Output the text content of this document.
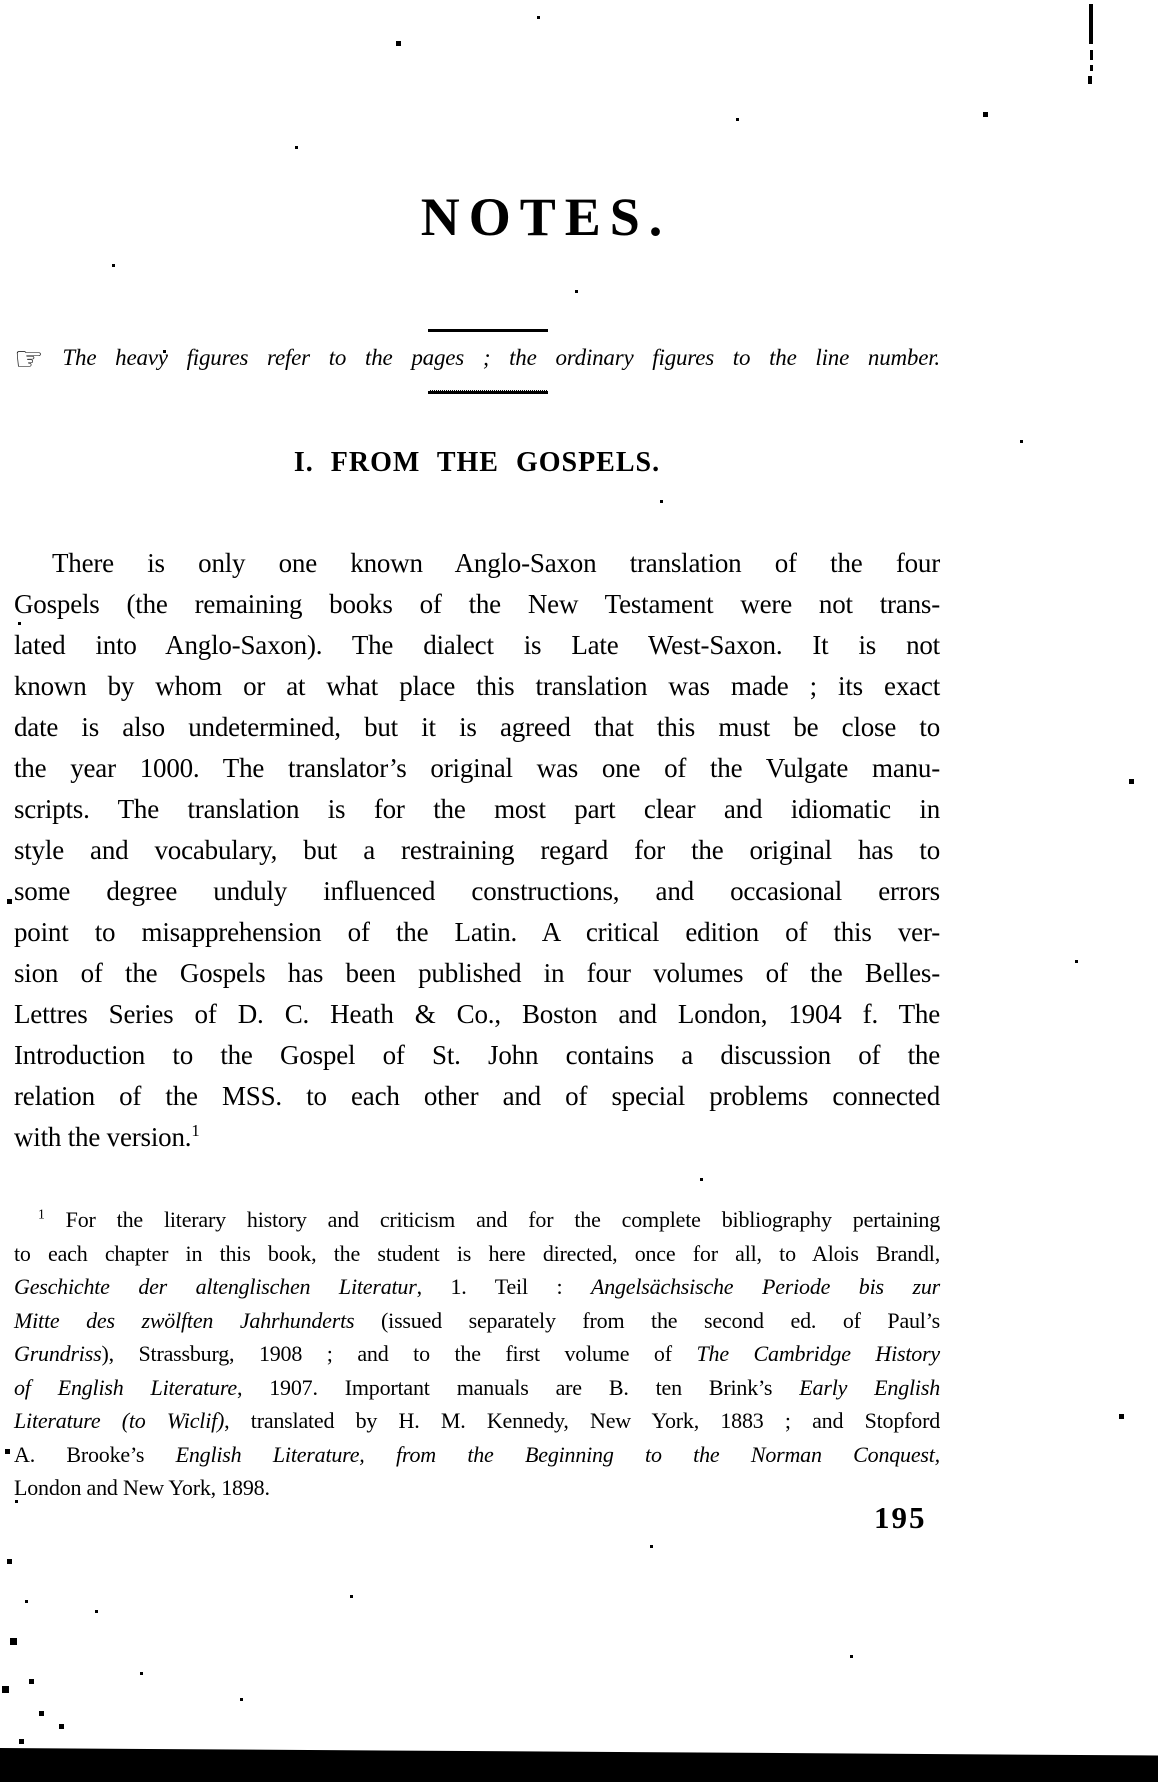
NOTES.
☞ The heavy figures refer to the pages ; the ordinary figures to the line number.
I. FROM THE GOSPELS.
There is only one known Anglo-Saxon translation of the four
Gospels (the remaining books of the New Testament were not trans-
lated into Anglo-Saxon). The dialect is Late West-Saxon. It is not
known by whom or at what place this translation was made ; its exact
date is also undetermined, but it is agreed that this must be close to
the year 1000. The translator’s original was one of the Vulgate manu-
scripts. The translation is for the most part clear and idiomatic in
style and vocabulary, but a restraining regard for the original has to
some degree unduly influenced constructions, and occasional errors
point to misapprehension of the Latin. A critical edition of this ver-
sion of the Gospels has been published in four volumes of the Belles-
Lettres Series of D. C. Heath & Co., Boston and London, 1904 f. The
Introduction to the Gospel of St. John contains a discussion of the
relation of the MSS. to each other and of special problems connected
with the version.$^1$
$^1$ For the literary history and criticism and for the complete bibliography pertaining
to each chapter in this book, the student is here directed, once for all, to Alois Brandl,
Geschichte der altenglischen Literatur, 1. Teil : Angelsächsische Periode bis zur
Mitte des zwölften Jahrhunderts (issued separately from the second ed. of Paul’s
Grundriss), Strassburg, 1908 ; and to the first volume of The Cambridge History
of English Literature, 1907. Important manuals are B. ten Brink’s Early English
Literature (to Wiclif), translated by H. M. Kennedy, New York, 1883 ; and Stopford
A. Brooke’s English Literature, from the Beginning to the Norman Conquest,
London and New York, 1898.
195
